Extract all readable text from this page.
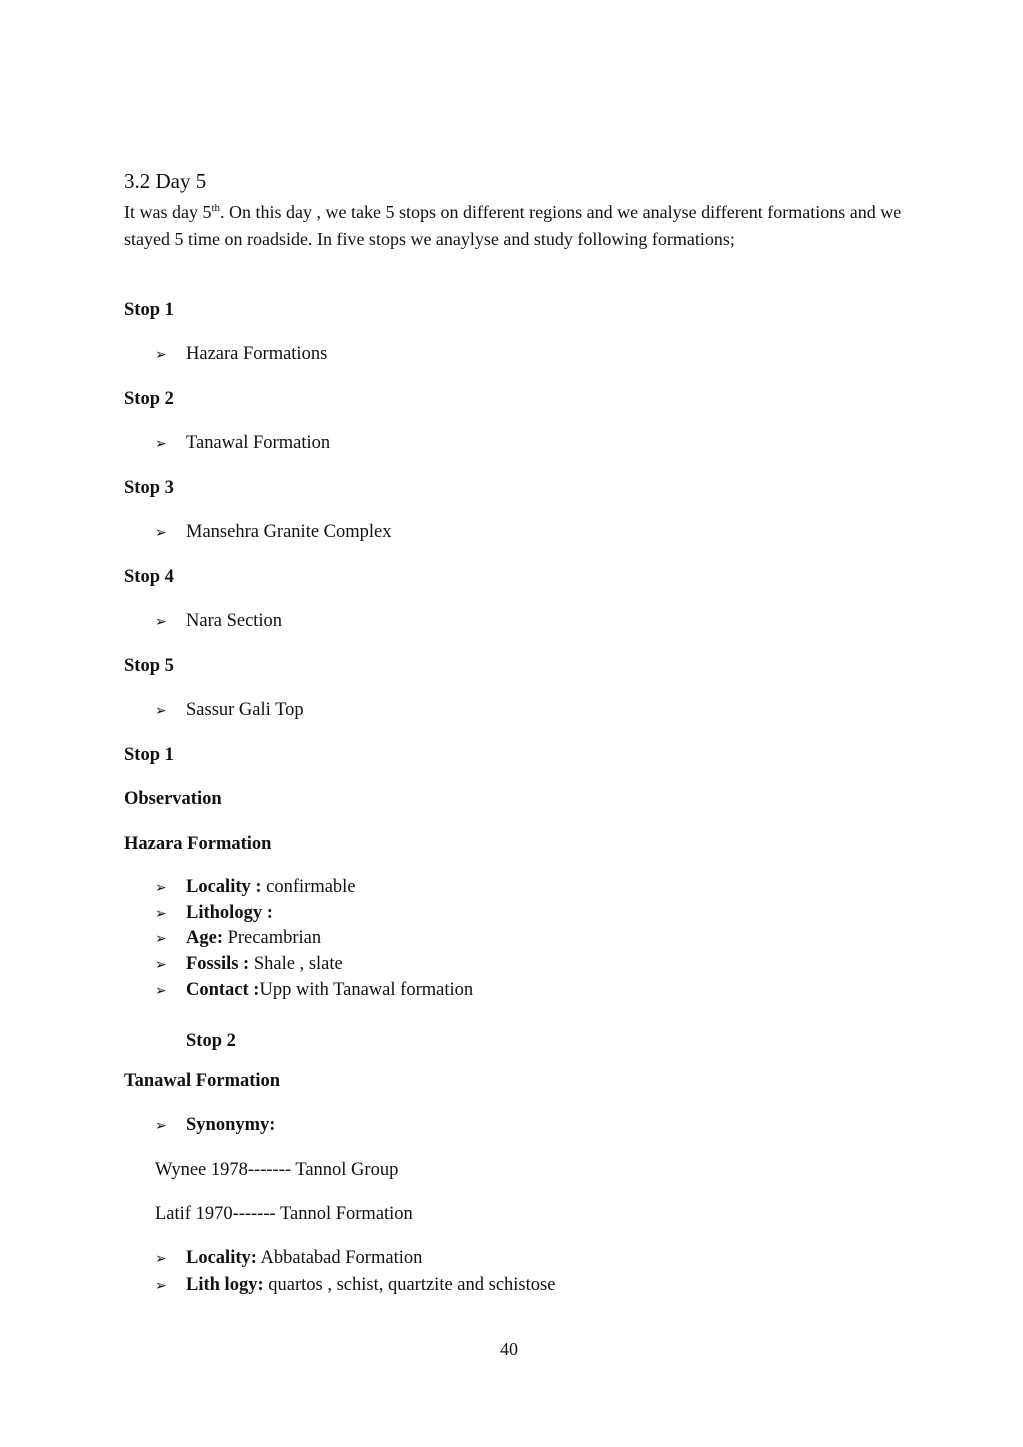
3.2 Day 5
It was day 5th. On this day , we take 5 stops on different regions and we analyse different formations and we stayed 5 time on roadside. In five stops we anaylyse and study following formations;
Stop 1
➢ Hazara Formations
Stop 2
➢ Tanawal Formation
Stop 3
➢ Mansehra Granite Complex
Stop 4
➢ Nara Section
Stop 5
➢ Sassur Gali Top
Stop 1
Observation
Hazara Formation
➢ Locality : confirmable
➢ Lithology :
➢ Age: Precambrian
➢ Fossils : Shale , slate
➢ Contact :Upp with Tanawal formation
Stop 2
Tanawal Formation
➢ Synonymy:
Wynee 1978------- Tannol Group
Latif 1970------- Tannol Formation
➢ Locality: Abbatabad Formation
➢ Lith logy: quartos , schist, quartzite and schistose
40
